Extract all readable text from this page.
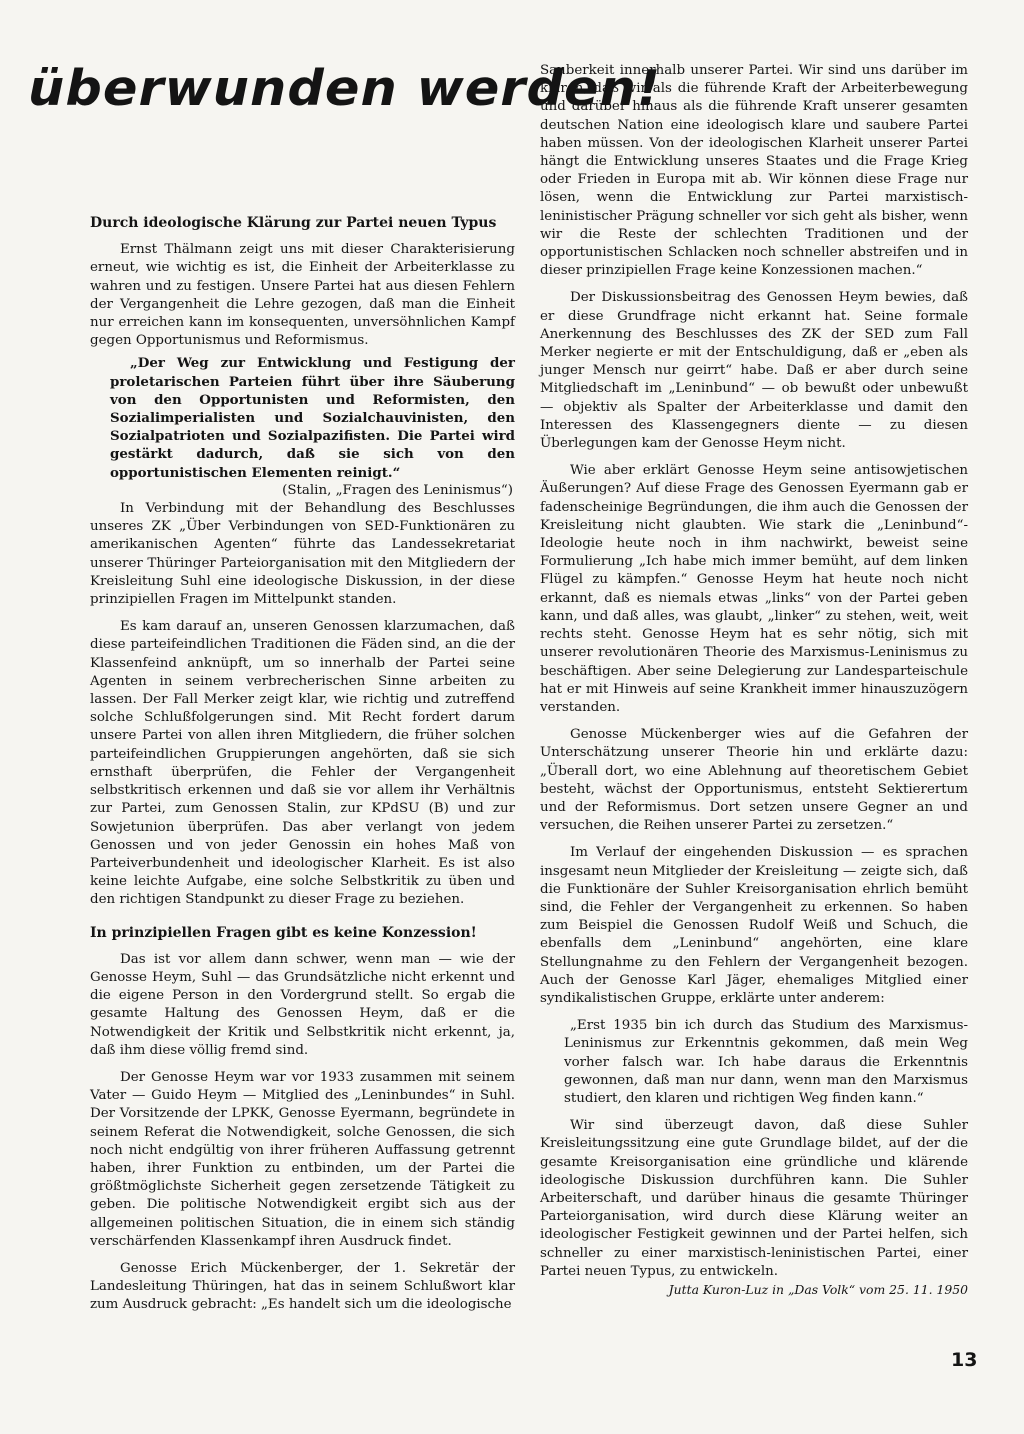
überwunden werden!
Durch ideologische Klärung zur Partei neuen Typus

Ernst Thälmann zeigt uns mit dieser Charakterisierung erneut, wie wichtig es ist, die Einheit der Arbeiterklasse zu wahren und zu festigen. Unsere Partei hat aus diesen Fehlern der Vergangenheit die Lehre gezogen, daß man die Einheit nur erreichen kann im konsequenten, unversöhnlichen Kampf gegen Opportunismus und Reformismus.

„Der Weg zur Entwicklung und Festigung der proletarischen Parteien führt über ihre Säuberung von den Opportunisten und Reformisten, den Sozialimperialisten und Sozialchauvinisten, den Sozialpatrioten und Sozialpazifisten. Die Partei wird gestärkt dadurch, daß sie sich von den opportunistischen Elementen reinigt.“

(Stalin, „Fragen des Leninismus“)

In Verbindung mit der Behandlung des Beschlusses unseres ZK „Über Verbindungen von SED-Funktionären zu amerikanischen Agenten“ führte das Landessekretariat unserer Thüringer Parteiorganisation mit den Mitgliedern der Kreisleitung Suhl eine ideologische Diskussion, in der diese prinzipiellen Fragen im Mittelpunkt standen.

Es kam darauf an, unseren Genossen klarzumachen, daß diese parteifeindlichen Traditionen die Fäden sind, an die der Klassenfeind anknüpft, um so innerhalb der Partei seine Agenten in seinem verbrecherischen Sinne arbeiten zu lassen. Der Fall Merker zeigt klar, wie richtig und zutreffend solche Schlußfolgerungen sind. Mit Recht fordert darum unsere Partei von allen ihren Mitgliedern, die früher solchen parteifeindlichen Gruppierungen angehörten, daß sie sich ernsthaft überprüfen, die Fehler der Vergangenheit selbstkritisch erkennen und daß sie vor allem ihr Verhältnis zur Partei, zum Genossen Stalin, zur KPdSU (B) und zur Sowjetunion überprüfen. Das aber verlangt von jedem Genossen und von jeder Genossin ein hohes Maß von Parteiverbundenheit und ideologischer Klarheit. Es ist also keine leichte Aufgabe, eine solche Selbstkritik zu üben und den richtigen Standpunkt zu dieser Frage zu beziehen.

In prinzipiellen Fragen gibt es keine Konzession!

Das ist vor allem dann schwer, wenn man — wie der Genosse Heym, Suhl — das Grundsätzliche nicht erkennt und die eigene Person in den Vordergrund stellt. So ergab die gesamte Haltung des Genossen Heym, daß er die Notwendigkeit der Kritik und Selbstkritik nicht erkennt, ja, daß ihm diese völlig fremd sind.

Der Genosse Heym war vor 1933 zusammen mit seinem Vater — Guido Heym — Mitglied des „Leninbundes“ in Suhl. Der Vorsitzende der LPKK, Genosse Eyermann, begründete in seinem Referat die Notwendigkeit, solche Genossen, die sich noch nicht endgültig von ihrer früheren Auffassung getrennt haben, ihrer Funktion zu entbinden, um der Partei die größtmöglichste Sicherheit gegen zersetzende Tätigkeit zu geben. Die politische Notwendigkeit ergibt sich aus der allgemeinen politischen Situation, die in einem sich ständig verschärfenden Klassenkampf ihren Ausdruck findet.

Genosse Erich Mückenberger, der 1. Sekretär der Landesleitung Thüringen, hat das in seinem Schlußwort klar zum Ausdruck gebracht: „Es handelt sich um die ideologische

Sauberkeit innerhalb unserer Partei. Wir sind uns darüber im klaren, daß wir als die führende Kraft der Arbeiterbewegung und darüber hinaus als die führende Kraft unserer gesamten deutschen Nation eine ideologisch klare und saubere Partei haben müssen. Von der ideologischen Klarheit unserer Partei hängt die Entwicklung unseres Staates und die Frage Krieg oder Frieden in Europa mit ab. Wir können diese Frage nur lösen, wenn die Entwicklung zur Partei marxistisch-leninistischer Prägung schneller vor sich geht als bisher, wenn wir die Reste der schlechten Traditionen und der opportunistischen Schlacken noch schneller abstreifen und in dieser prinzipiellen Frage keine Konzessionen machen.“

Der Diskussionsbeitrag des Genossen Heym bewies, daß er diese Grundfrage nicht erkannt hat. Seine formale Anerkennung des Beschlusses des ZK der SED zum Fall Merker negierte er mit der Entschuldigung, daß er „eben als junger Mensch nur geirrt“ habe. Daß er aber durch seine Mitgliedschaft im „Leninbund“ — ob bewußt oder unbewußt — objektiv als Spalter der Arbeiterklasse und damit den Interessen des Klassengegners diente — zu diesen Überlegungen kam der Genosse Heym nicht.

Wie aber erklärt Genosse Heym seine antisowjetischen Äußerungen? Auf diese Frage des Genossen Eyermann gab er fadenscheinige Begründungen, die ihm auch die Genossen der Kreisleitung nicht glaubten. Wie stark die „Leninbund“-Ideologie heute noch in ihm nachwirkt, beweist seine Formulierung „Ich habe mich immer bemüht, auf dem linken Flügel zu kämpfen.“ Genosse Heym hat heute noch nicht erkannt, daß es niemals etwas „links“ von der Partei geben kann, und daß alles, was glaubt, „linker“ zu stehen, weit, weit rechts steht. Genosse Heym hat es sehr nötig, sich mit unserer revolutionären Theorie des Marxismus-Leninismus zu beschäftigen. Aber seine Delegierung zur Landesparteischule hat er mit Hinweis auf seine Krankheit immer hinauszuzögern verstanden.

Genosse Mückenberger wies auf die Gefahren der Unterschätzung unserer Theorie hin und erklärte dazu: „Überall dort, wo eine Ablehnung auf theoretischem Gebiet besteht, wächst der Opportunismus, entsteht Sektierertum und der Reformismus. Dort setzen unsere Gegner an und versuchen, die Reihen unserer Partei zu zersetzen.“

Im Verlauf der eingehenden Diskussion — es sprachen insgesamt neun Mitglieder der Kreisleitung — zeigte sich, daß die Funktionäre der Suhler Kreisorganisation ehrlich bemüht sind, die Fehler der Vergangenheit zu erkennen. So haben zum Beispiel die Genossen Rudolf Weiß und Schuch, die ebenfalls dem „Leninbund“ angehörten, eine klare Stellungnahme zu den Fehlern der Vergangenheit bezogen. Auch der Genosse Karl Jäger, ehemaliges Mitglied einer syndikalistischen Gruppe, erklärte unter anderem:

„Erst 1935 bin ich durch das Studium des Marxismus-Leninismus zur Erkenntnis gekommen, daß mein Weg vorher falsch war. Ich habe daraus die Erkenntnis gewonnen, daß man nur dann, wenn man den Marxismus studiert, den klaren und richtigen Weg finden kann.“

Wir sind überzeugt davon, daß diese Suhler Kreisleitungssitzung eine gute Grundlage bildet, auf der die gesamte Kreisorganisation eine gründliche und klärende ideologische Diskussion durchführen kann. Die Suhler Arbeiterschaft, und darüber hinaus die gesamte Thüringer Parteiorganisation, wird durch diese Klärung weiter an ideologischer Festigkeit gewinnen und der Partei helfen, sich schneller zu einer marxistisch-leninistischen Partei, einer Partei neuen Typus, zu entwickeln.

Jutta Kuron-Luz in „Das Volk“ vom 25. 11. 1950
13
